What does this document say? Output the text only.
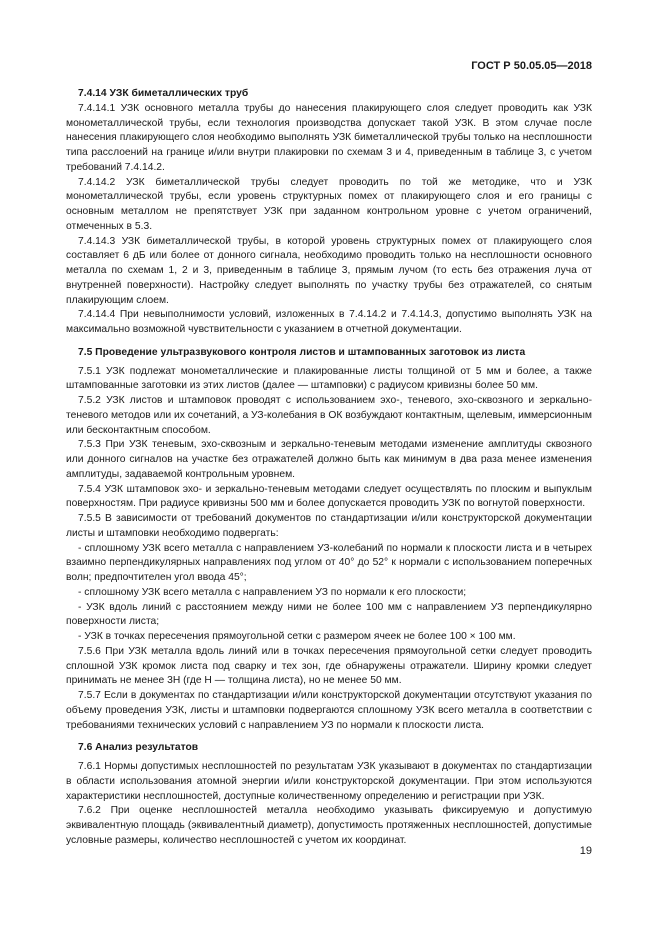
ГОСТ Р 50.05.05—2018

7.4.14 УЗК биметаллических труб

7.4.14.1 УЗК основного металла трубы до нанесения плакирующего слоя следует проводить как УЗК монометаллической трубы, если технология производства допускает такой УЗК. В этом случае после нанесения плакирующего слоя необходимо выполнять УЗК биметаллической трубы только на несплошности типа расслоений на границе и/или внутри плакировки по схемам 3 и 4, приведенным в таблице 3, с учетом требований 7.4.14.2.

7.4.14.2 УЗК биметаллической трубы следует проводить по той же методике, что и УЗК монометаллической трубы, если уровень структурных помех от плакирующего слоя и его границы с основным металлом не препятствует УЗК при заданном контрольном уровне с учетом ограничений, отмеченных в 5.3.

7.4.14.3 УЗК биметаллической трубы, в которой уровень структурных помех от плакирующего слоя составляет 6 дБ или более от донного сигнала, необходимо проводить только на несплошности основного металла по схемам 1, 2 и 3, приведенным в таблице 3, прямым лучом (то есть без отражения луча от внутренней поверхности). Настройку следует выполнять по участку трубы без отражателей, со снятым плакирующим слоем.

7.4.14.4 При невыполнимости условий, изложенных в 7.4.14.2 и 7.4.14.3, допустимо выполнять УЗК на максимально возможной чувствительности с указанием в отчетной документации.

7.5 Проведение ультразвукового контроля листов и штампованных заготовок из листа

7.5.1 УЗК подлежат монометаллические и плакированные листы толщиной от 5 мм и более, а также штампованные заготовки из этих листов (далее — штамповки) с радиусом кривизны более 50 мм.

7.5.2 УЗК листов и штамповок проводят с использованием эхо-, теневого, эхо-сквозного и зеркально-теневого методов или их сочетаний, а УЗ-колебания в ОК возбуждают контактным, щелевым, иммерсионным или бесконтактным способом.

7.5.3 При УЗК теневым, эхо-сквозным и зеркально-теневым методами изменение амплитуды сквозного или донного сигналов на участке без отражателей должно быть как минимум в два раза менее изменения амплитуды, задаваемой контрольным уровнем.

7.5.4 УЗК штамповок эхо- и зеркально-теневым методами следует осуществлять по плоским и выпуклым поверхностям. При радиусе кривизны 500 мм и более допускается проводить УЗК по вогнутой поверхности.

7.5.5 В зависимости от требований документов по стандартизации и/или конструкторской документации листы и штамповки необходимо подвергать:

- сплошному УЗК всего металла с направлением УЗ-колебаний по нормали к плоскости листа и в четырех взаимно перпендикулярных направлениях под углом от 40° до 52° к нормали с использованием поперечных волн; предпочтителен угол ввода 45°;

- сплошному УЗК всего металла с направлением УЗ по нормали к его плоскости;

- УЗК вдоль линий с расстоянием между ними не более 100 мм с направлением УЗ перпендикулярно поверхности листа;

- УЗК в точках пересечения прямоугольной сетки с размером ячеек не более 100 × 100 мм.

7.5.6 При УЗК металла вдоль линий или в точках пересечения прямоугольной сетки следует проводить сплошной УЗК кромок листа под сварку и тех зон, где обнаружены отражатели. Ширину кромки следует принимать не менее 3H (где H — толщина листа), но не менее 50 мм.

7.5.7 Если в документах по стандартизации и/или конструкторской документации отсутствуют указания по объему проведения УЗК, листы и штамповки подвергаются сплошному УЗК всего металла в соответствии с требованиями технических условий с направлением УЗ по нормали к плоскости листа.

7.6 Анализ результатов

7.6.1 Нормы допустимых несплошностей по результатам УЗК указывают в документах по стандартизации в области использования атомной энергии и/или конструкторской документации. При этом используются характеристики несплошностей, доступные количественному определению и регистрации при УЗК.

7.6.2 При оценке несплошностей металла необходимо указывать фиксируемую и допустимую эквивалентную площадь (эквивалентный диаметр), допустимость протяженных несплошностей, допустимые условные размеры, количество несплошностей с учетом их координат.

19
